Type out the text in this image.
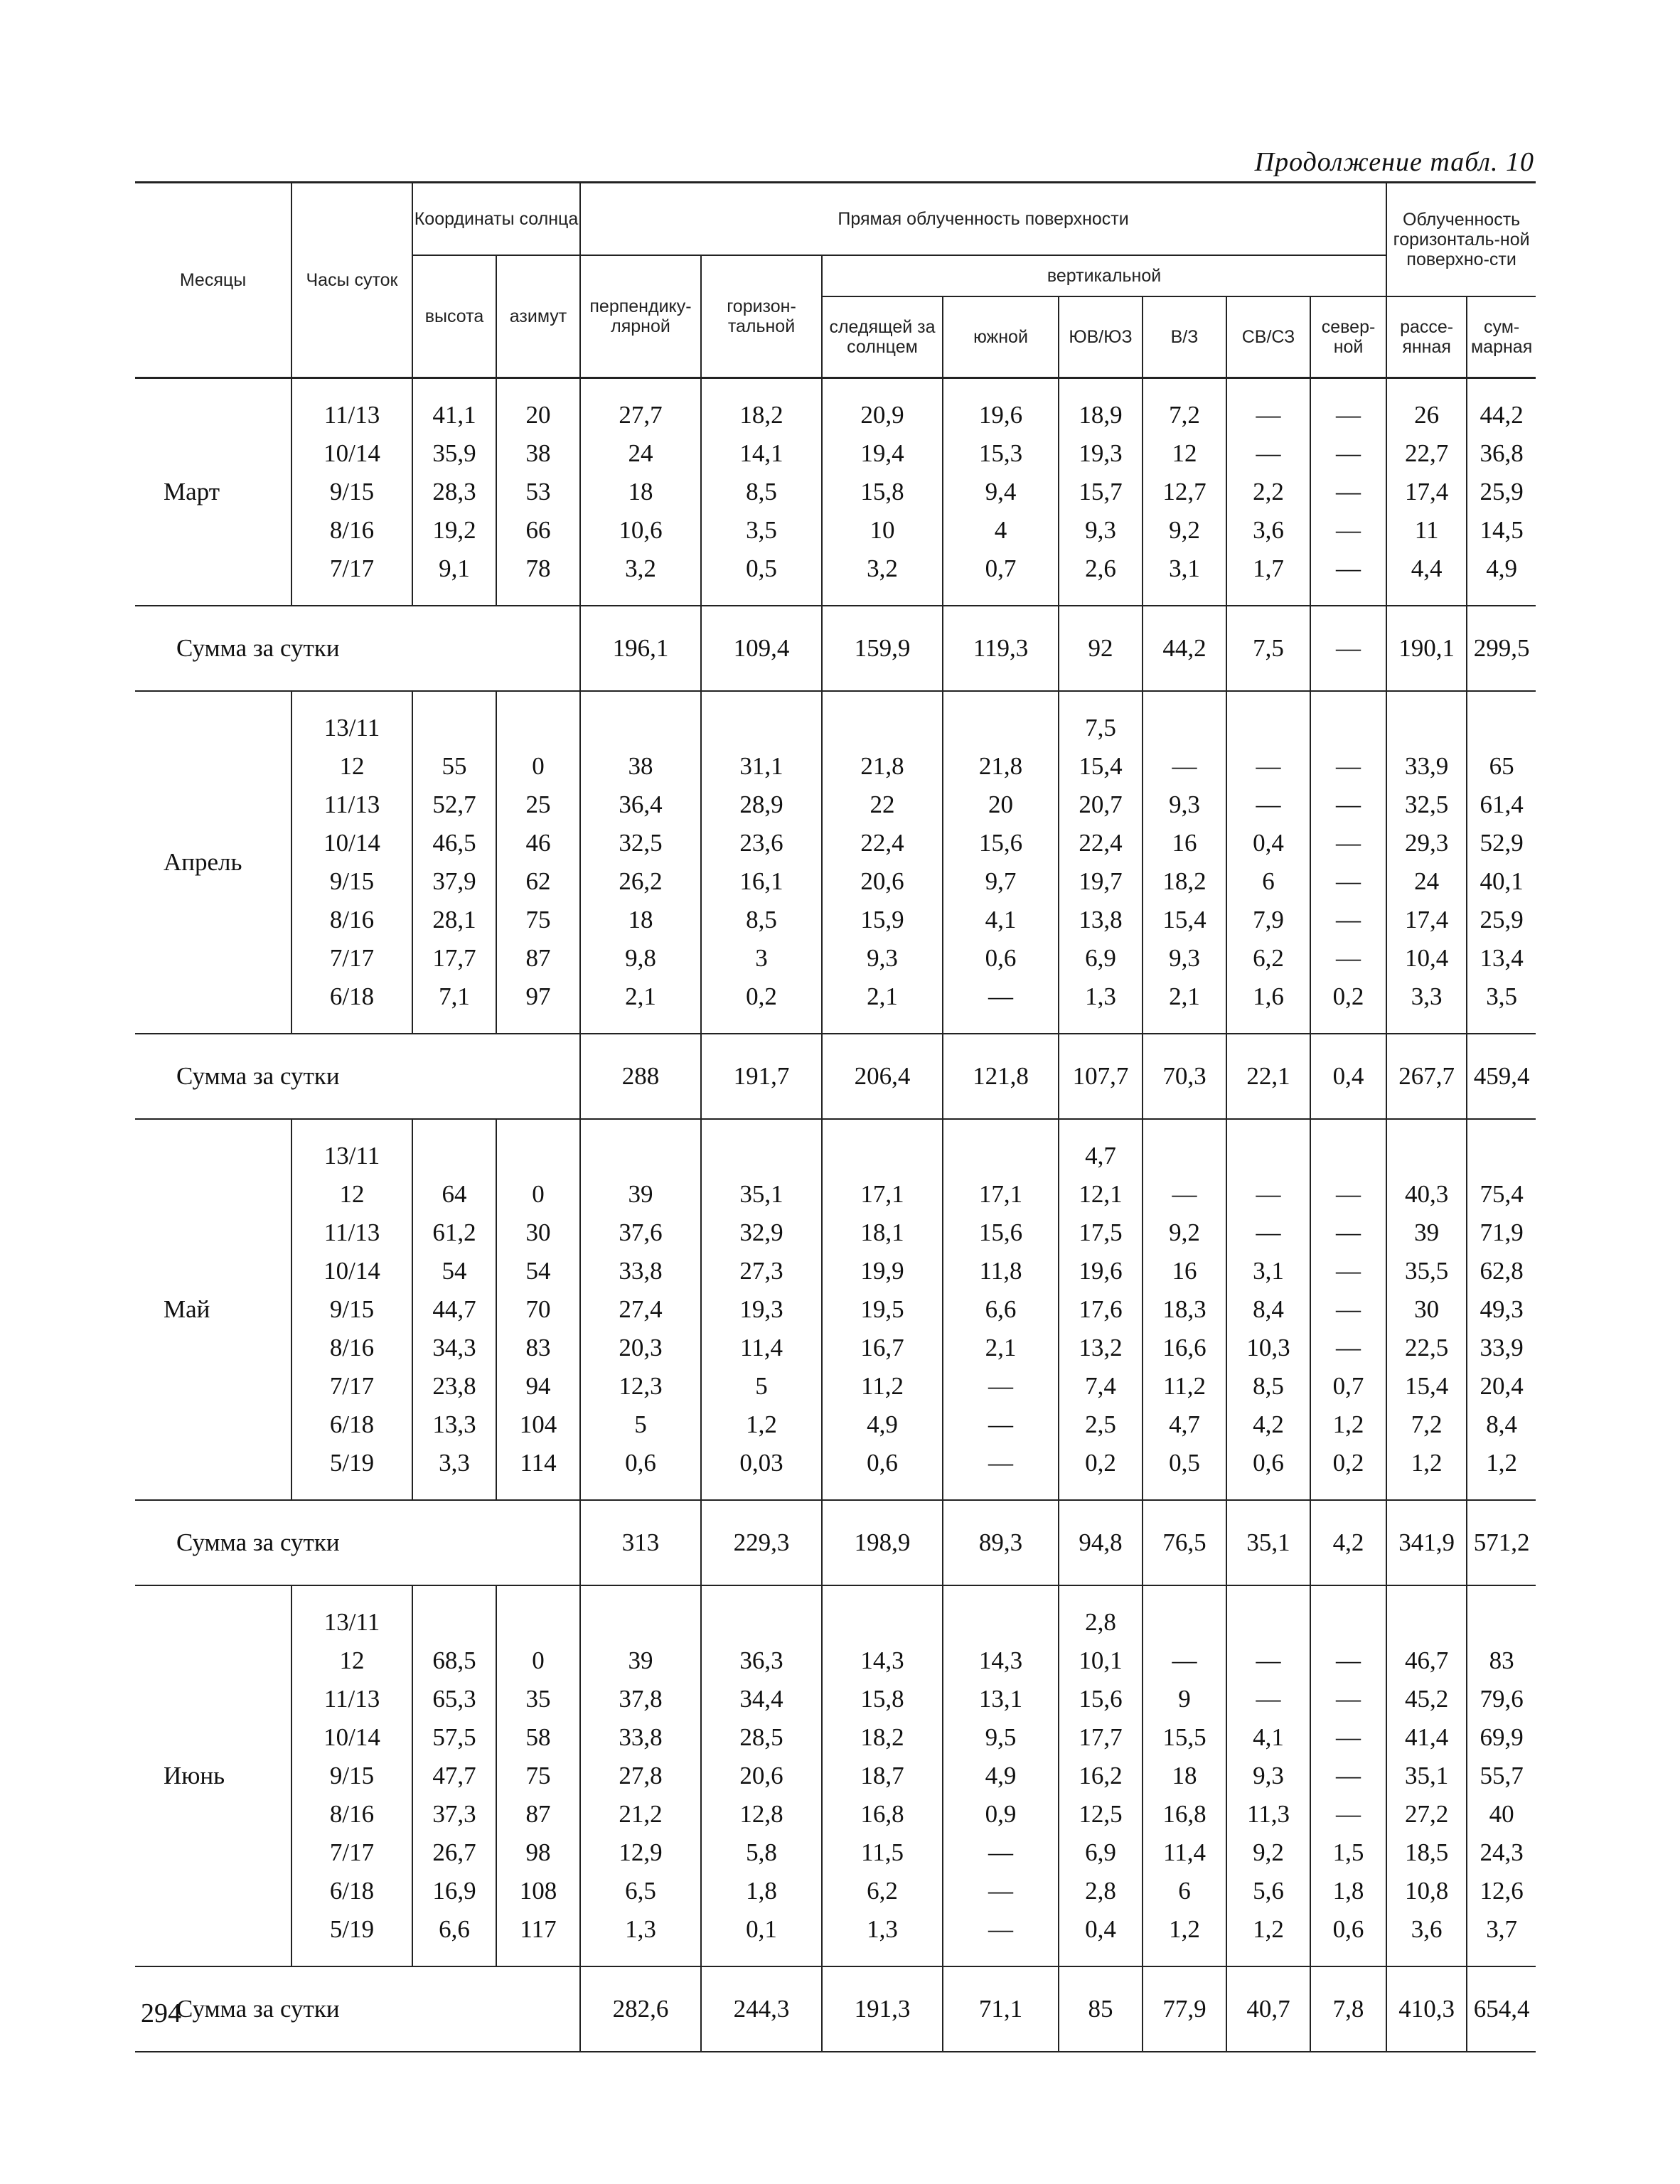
Продолжение табл. 10
Месяцы	Часы суток	Координаты солнца		Прямая облученность поверхности								Облученность горизонталь-ной поверхно-сти	
		высота	азимут	перпендику-лярной	горизон-тальной	вертикальной							
						следящей за солнцем	южной	ЮВ/ЮЗ	В/З	СВ/СЗ	север-ной	рассе-янная	сум-марная

Март	11/13	41,1	20	27,7	18,2	20,9	19,6	18,9	7,2	—	—	26	44,2
	10/14	35,9	38	24	14,1	19,4	15,3	19,3	12	—	—	22,7	36,8
	9/15	28,3	53	18	8,5	15,8	9,4	15,7	12,7	2,2	—	17,4	25,9
	8/16	19,2	66	10,6	3,5	10	4	9,3	9,2	3,6	—	11	14,5
	7/17	9,1	78	3,2	0,5	3,2	0,7	2,6	3,1	1,7	—	4,4	4,9

Сумма за сутки				196,1	109,4	159,9	119,3	92	44,2	7,5	—	190,1	299,5

Апрель	13/11							7,5					
	12	55	0	38	31,1	21,8	21,8	15,4	—	—	—	33,9	65
	11/13	52,7	25	36,4	28,9	22	20	20,7	9,3	—	—	32,5	61,4
	10/14	46,5	46	32,5	23,6	22,4	15,6	22,4	16	0,4	—	29,3	52,9
	9/15	37,9	62	26,2	16,1	20,6	9,7	19,7	18,2	6	—	24	40,1
	8/16	28,1	75	18	8,5	15,9	4,1	13,8	15,4	7,9	—	17,4	25,9
	7/17	17,7	87	9,8	3	9,3	0,6	6,9	9,3	6,2	—	10,4	13,4
	6/18	7,1	97	2,1	0,2	2,1	—	1,3	2,1	1,6	0,2	3,3	3,5

Сумма за сутки				288	191,7	206,4	121,8	107,7	70,3	22,1	0,4	267,7	459,4

Май	13/11							4,7					
	12	64	0	39	35,1	17,1	17,1	12,1	—	—	—	40,3	75,4
	11/13	61,2	30	37,6	32,9	18,1	15,6	17,5	9,2	—	—	39	71,9
	10/14	54	54	33,8	27,3	19,9	11,8	19,6	16	3,1	—	35,5	62,8
	9/15	44,7	70	27,4	19,3	19,5	6,6	17,6	18,3	8,4	—	30	49,3
	8/16	34,3	83	20,3	11,4	16,7	2,1	13,2	16,6	10,3	—	22,5	33,9
	7/17	23,8	94	12,3	5	11,2	—	7,4	11,2	8,5	0,7	15,4	20,4
	6/18	13,3	104	5	1,2	4,9	—	2,5	4,7	4,2	1,2	7,2	8,4
	5/19	3,3	114	0,6	0,03	0,6	—	0,2	0,5	0,6	0,2	1,2	1,2

Сумма за сутки				313	229,3	198,9	89,3	94,8	76,5	35,1	4,2	341,9	571,2

Июнь	13/11							2,8					
	12	68,5	0	39	36,3	14,3	14,3	10,1	—	—	—	46,7	83
	11/13	65,3	35	37,8	34,4	15,8	13,1	15,6	9	—	—	45,2	79,6
	10/14	57,5	58	33,8	28,5	18,2	9,5	17,7	15,5	4,1	—	41,4	69,9
	9/15	47,7	75	27,8	20,6	18,7	4,9	16,2	18	9,3	—	35,1	55,7
	8/16	37,3	87	21,2	12,8	16,8	0,9	12,5	16,8	11,3	—	27,2	40
	7/17	26,7	98	12,9	5,8	11,5	—	6,9	11,4	9,2	1,5	18,5	24,3
	6/18	16,9	108	6,5	1,8	6,2	—	2,8	6	5,6	1,8	10,8	12,6
	5/19	6,6	117	1,3	0,1	1,3	—	0,4	1,2	1,2	0,6	3,6	3,7

Сумма за сутки				282,6	244,3	191,3	71,1	85	77,9	40,7	7,8	410,3	654,4
294
